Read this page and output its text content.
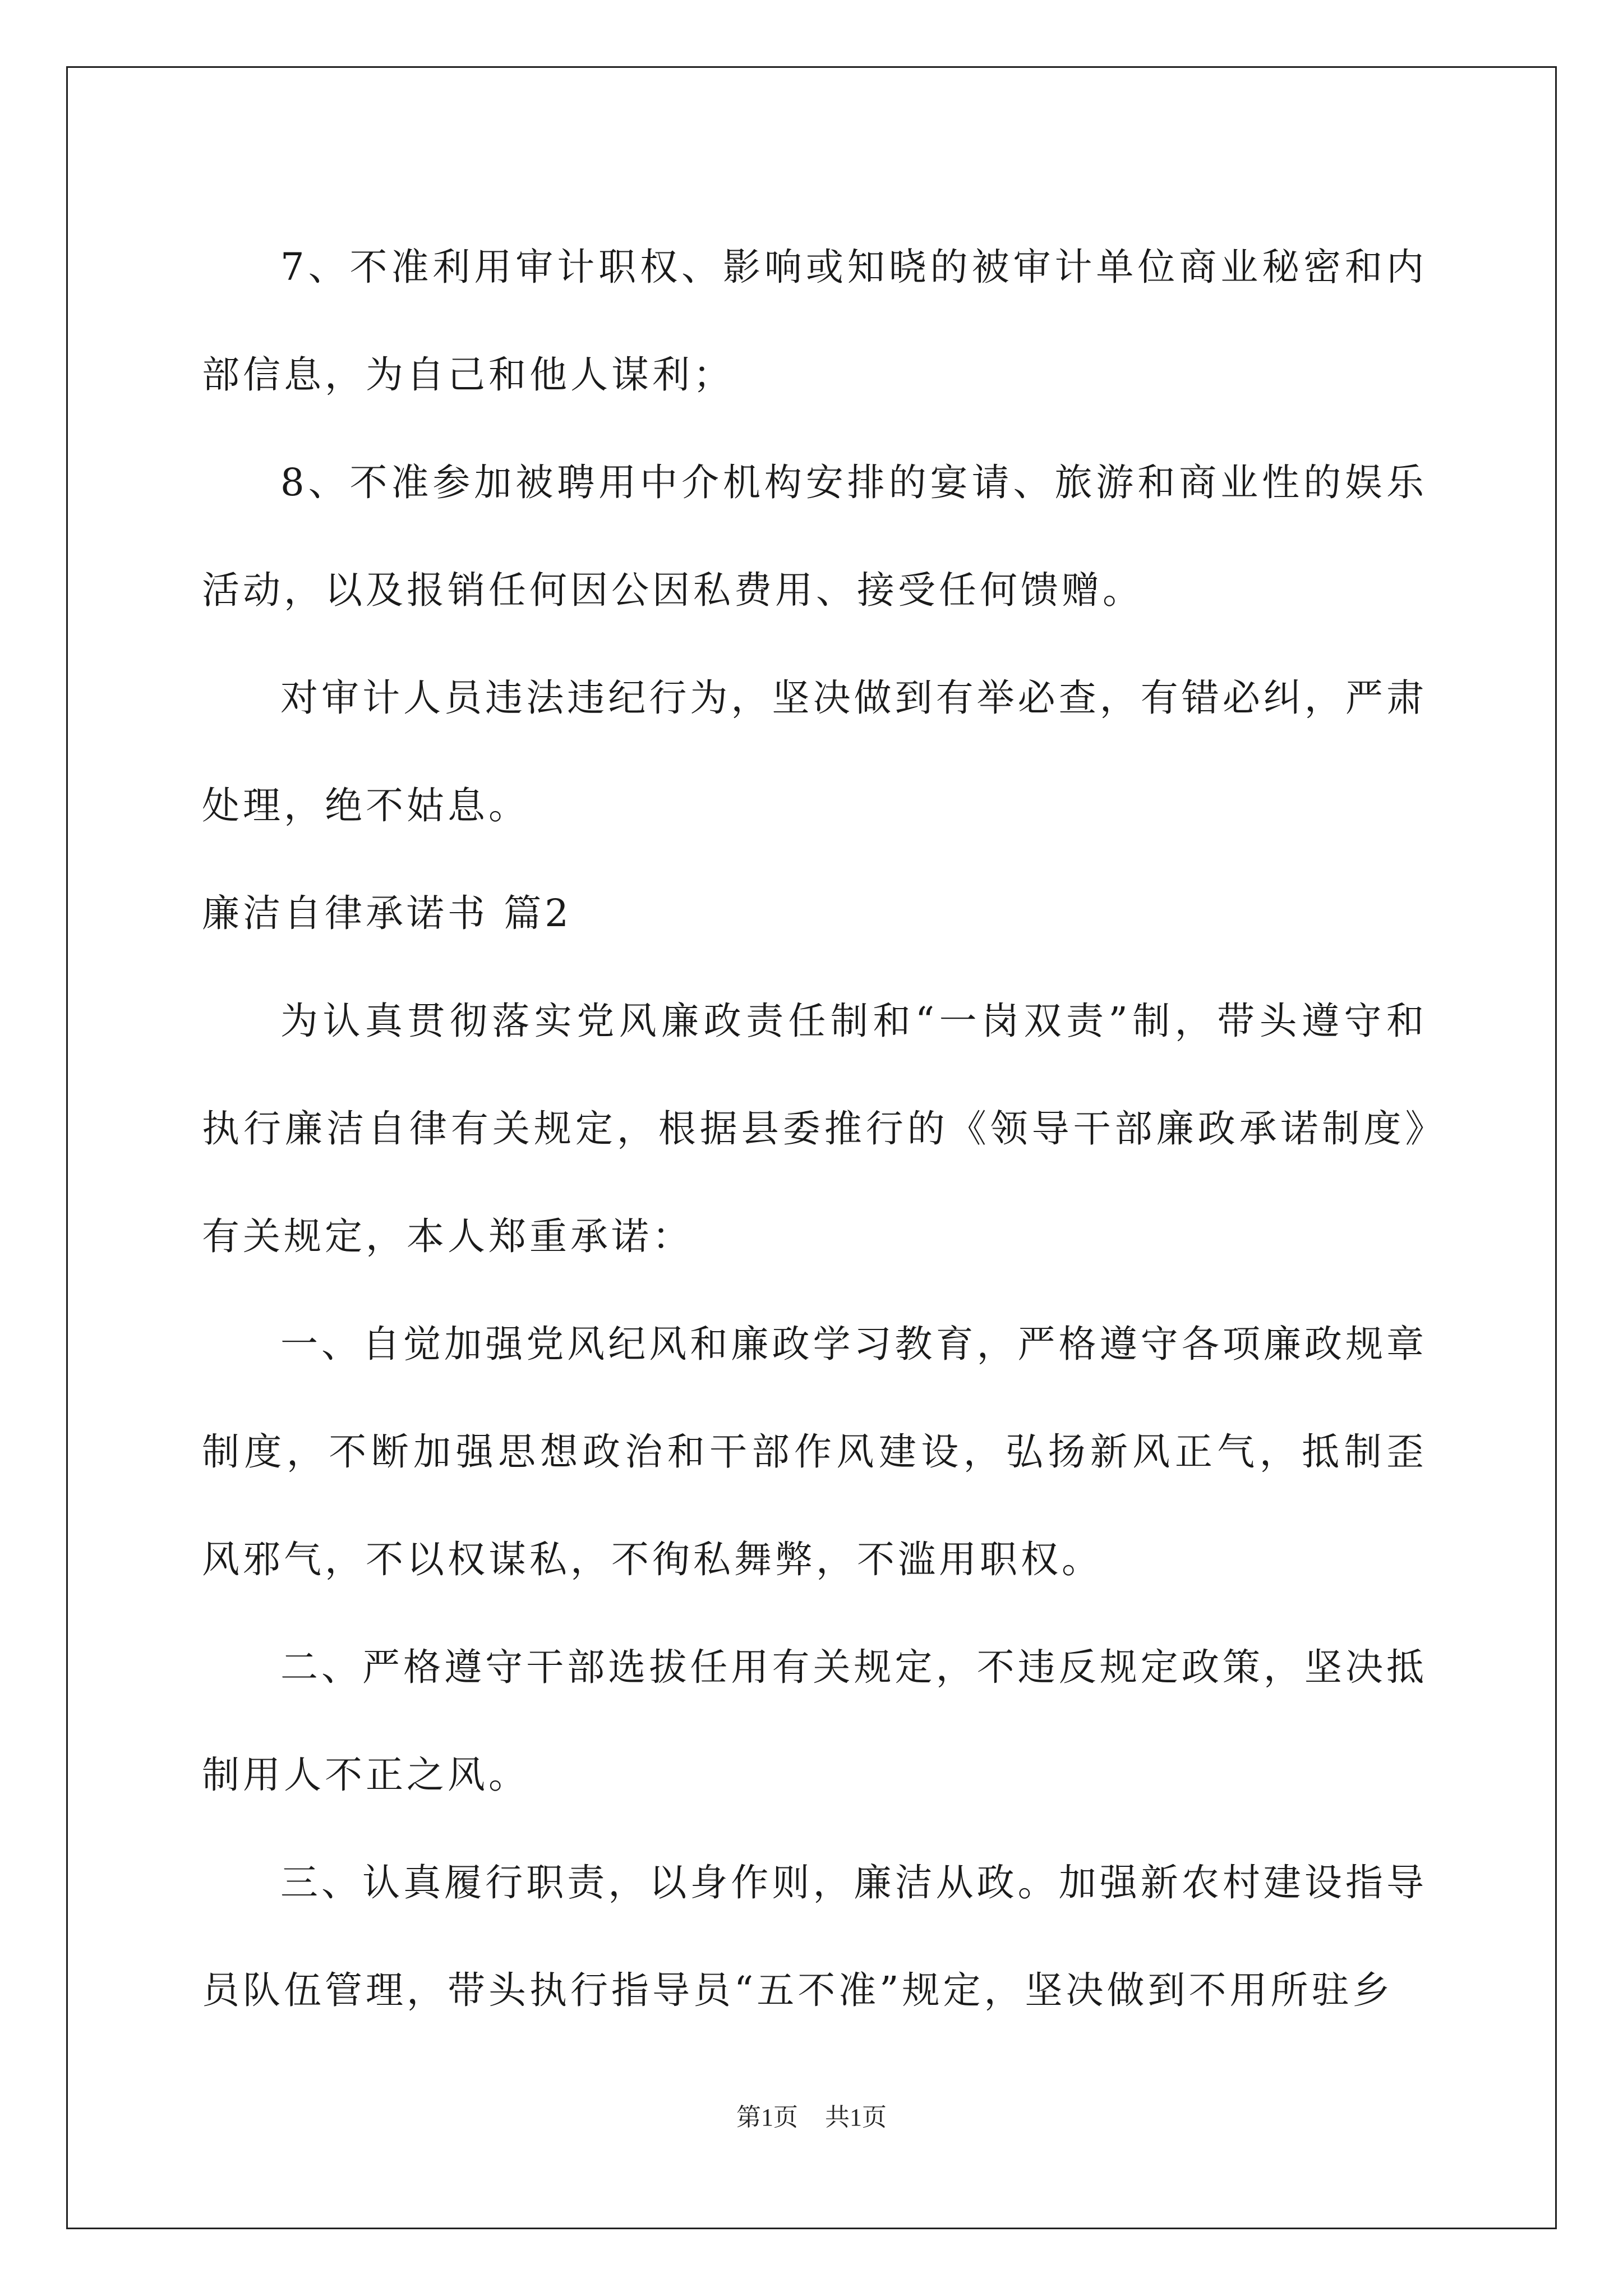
7、不准利用审计职权、影响或知晓的被审计单位商业秘密和内部信息，为自己和他人谋利；

8、不准参加被聘用中介机构安排的宴请、旅游和商业性的娱乐活动，以及报销任何因公因私费用、接受任何馈赠。

对审计人员违法违纪行为，坚决做到有举必查，有错必纠，严肃处理，绝不姑息。

廉洁自律承诺书 篇2

为认真贯彻落实党风廉政责任制和“一岗双责”制，带头遵守和执行廉洁自律有关规定，根据县委推行的《领导干部廉政承诺制度》有关规定，本人郑重承诺：

一、自觉加强党风纪风和廉政学习教育，严格遵守各项廉政规章制度，不断加强思想政治和干部作风建设，弘扬新风正气，抵制歪风邪气，不以权谋私，不徇私舞弊，不滥用职权。

二、严格遵守干部选拔任用有关规定，不违反规定政策，坚决抵制用人不正之风。

三、认真履行职责，以身作则，廉洁从政。加强新农村建设指导员队伍管理，带头执行指导员“五不准”规定，坚决做到不用所驻乡

第1页 共1页
